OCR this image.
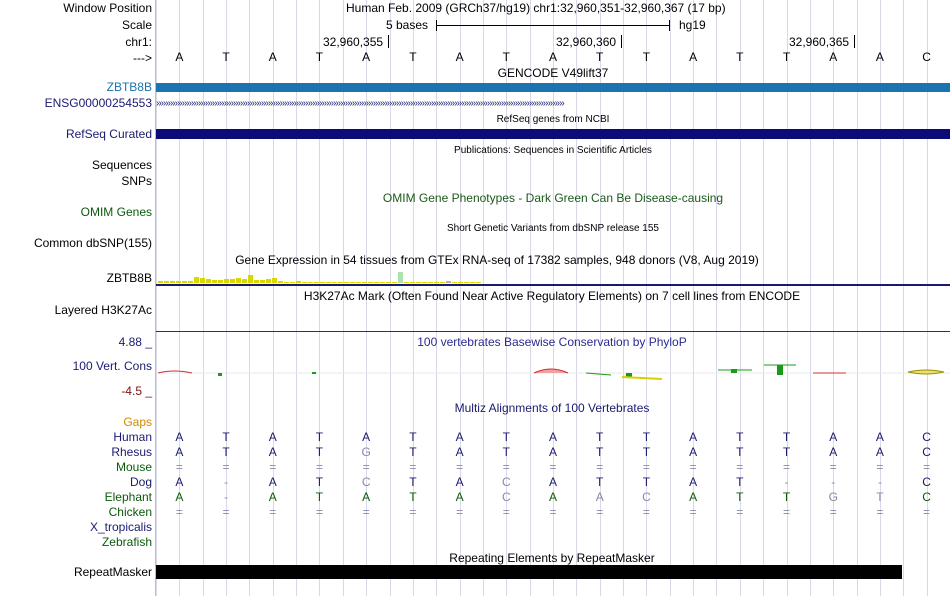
Window Position
Scale
chr1:
--->
ZBTB8B
ENSG00000254553
RefSeq Curated
Sequences
SNPs
OMIM Genes
Common dbSNP(155)
ZBTB8B
Layered H3K27Ac
4.88 _
100 Vert. Cons
-4.5 _
Gaps
Human
Rhesus
Mouse
Dog
Elephant
Chicken
X_tropicalis
Zebrafish
RepeatMasker
Human Feb. 2009 (GRCh37/hg19) chr1:32,960,351-32,960,367 (17 bp)
5 bases	hg19
32,960,355	32,960,360	32,960,365
A	T	A	T	A	T	A	T	A	T	T	A	T	T	A	A	C
GENCODE V49lift37
›››››››››››››››››››››››››››››››››››››››››››››››››››››››››››››››››››››››››››››››››››››››››››››››››››››››››››››››››››››››››››››››››››››››››››››››››››››››››››››››››››››››››››››››
RefSeq genes from NCBI
Publications: Sequences in Scientific Articles
OMIM Gene Phenotypes - Dark Green Can Be Disease-causing
Short Genetic Variants from dbSNP release 155
Gene Expression in 54 tissues from GTEx RNA-seq of 17382 samples, 948 donors (V8, Aug 2019)
H3K27Ac Mark (Often Found Near Active Regulatory Elements) on 7 cell lines from ENCODE
100 vertebrates Basewise Conservation by PhyloP
Multiz Alignments of 100 Vertebrates
A	T	A	T	A	T	A	T	A	T	T	A	T	T	A	A	C
A	T	A	T	G	T	A	T	A	T	T	A	T	T	A	A	C
=	=	=	=	=	=	=	=	=	=	=	=	=	=	=	=	=
A	-	A	T	C	T	A	C	A	T	T	A	T	-	-	-	C
A	-	A	T	A	T	A	C	A	A	C	A	T	T	G	T	C
=	=	=	=	=	=	=	=	=	=	=	=	=	=	=	=	=
Repeating Elements by RepeatMasker
